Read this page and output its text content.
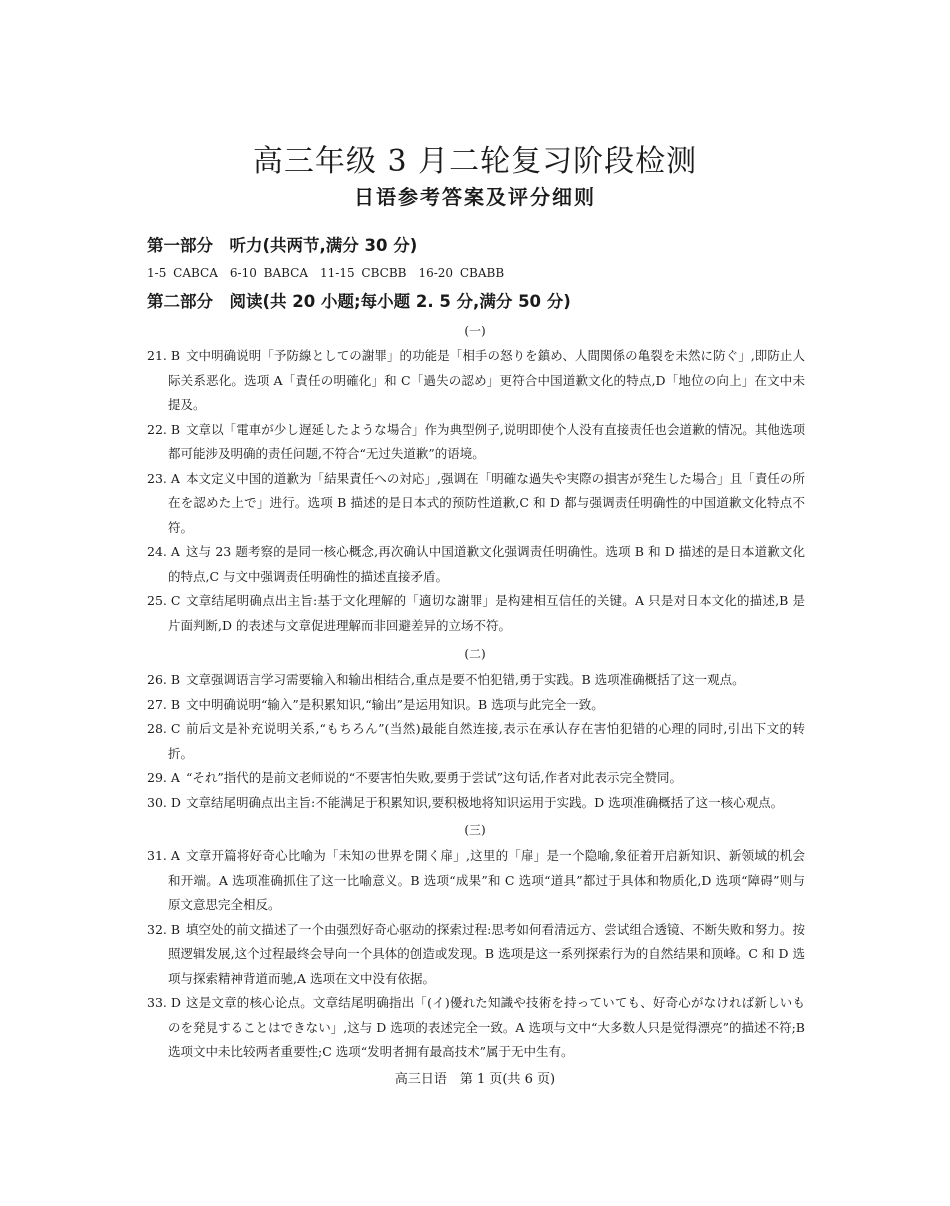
高三年级 3 月二轮复习阶段检测
日语参考答案及评分细则
第一部分　听力(共两节,满分 30 分)
1-5 CABCA　6-10 BABCA　11-15 CBCBB　16-20 CBABB
第二部分　阅读(共 20 小题;每小题 2. 5 分,满分 50 分)
(一)
21. B 文中明确说明「予防線としての謝罪」的功能是「相手の怒りを鎮め、人間関係の亀裂を未然に防ぐ」,即防止人际关系恶化。选项 A「責任の明確化」和 C「過失の認め」更符合中国道歉文化的特点,D「地位の向上」在文中未提及。
22. B 文章以「電車が少し遅延したような場合」作为典型例子,说明即使个人没有直接责任也会道歉的情况。其他选项都可能涉及明确的责任问题,不符合“无过失道歉”的语境。
23. A 本文定义中国的道歉为「結果責任への対応」,强调在「明確な過失や実際の損害が発生した場合」且「責任の所在を認めた上で」进行。选项 B 描述的是日本式的预防性道歉,C 和 D 都与强调责任明确性的中国道歉文化特点不符。
24. A 这与 23 题考察的是同一核心概念,再次确认中国道歉文化强调责任明确性。选项 B 和 D 描述的是日本道歉文化的特点,C 与文中强调责任明确性的描述直接矛盾。
25. C 文章结尾明确点出主旨:基于文化理解的「適切な謝罪」是构建相互信任的关键。A 只是对日本文化的描述,B 是片面判断,D 的表述与文章促进理解而非回避差异的立场不符。
(二)
26. B 文章强调语言学习需要输入和输出相结合,重点是要不怕犯错,勇于实践。B 选项准确概括了这一观点。
27. B 文中明确说明“输入”是积累知识,“输出”是运用知识。B 选项与此完全一致。
28. C 前后文是补充说明关系,“もちろん”(当然)最能自然连接,表示在承认存在害怕犯错的心理的同时,引出下文的转折。
29. A “それ”指代的是前文老师说的“不要害怕失败,要勇于尝试”这句话,作者对此表示完全赞同。
30. D 文章结尾明确点出主旨:不能满足于积累知识,要积极地将知识运用于实践。D 选项准确概括了这一核心观点。
(三)
31. A 文章开篇将好奇心比喻为「未知の世界を開く扉」,这里的「扉」是一个隐喻,象征着开启新知识、新领域的机会和开端。A 选项准确抓住了这一比喻意义。B 选项“成果”和 C 选项“道具”都过于具体和物质化,D 选项“障碍”则与原文意思完全相反。
32. B 填空处的前文描述了一个由强烈好奇心驱动的探索过程:思考如何看清远方、尝试组合透镜、不断失败和努力。按照逻辑发展,这个过程最终会导向一个具体的创造或发现。B 选项是这一系列探索行为的自然结果和顶峰。C 和 D 选项与探索精神背道而驰,A 选项在文中没有依据。
33. D 这是文章的核心论点。文章结尾明确指出「(イ)優れた知識や技術を持っていても、好奇心がなければ新しいものを発見することはできない」,这与 D 选项的表述完全一致。A 选项与文中“大多数人只是觉得漂亮”的描述不符;B 选项文中未比较两者重要性;C 选项“发明者拥有最高技术”属于无中生有。
高三日语　第 1 页(共 6 页)
